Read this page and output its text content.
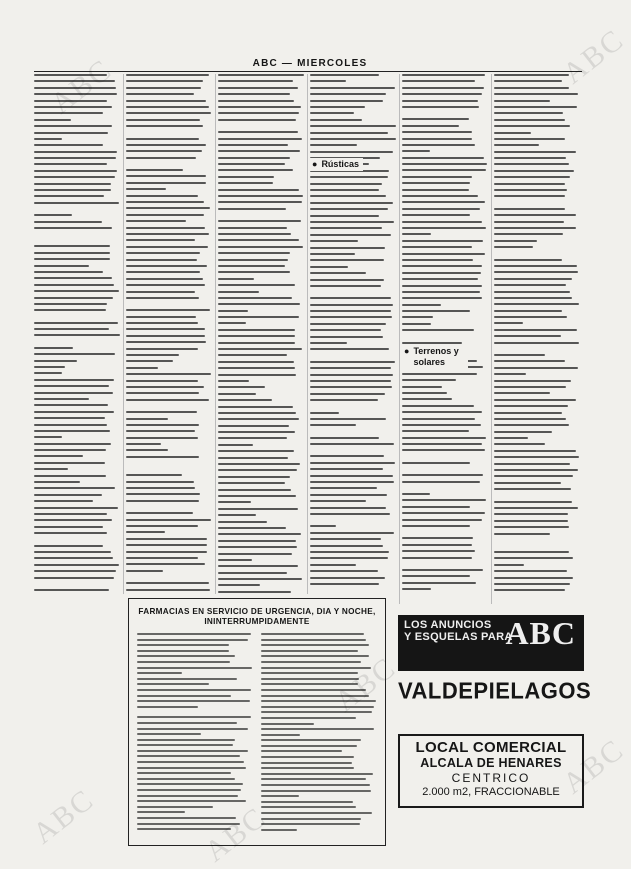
ABC — MIERCOLES
● Rústicas
● Terrenos y solares
FARMACIAS EN SERVICIO DE URGENCIA, DIA Y NOCHE, ININTERRUMPIDAMENTE	LOS ANUNCIOS
Y ESQUELAS PARA
ABC
VALDEPIELAGOS
LOCAL COMERCIAL
ALCALA DE HENARES
CENTRICO
2.000 m2, FRACCIONABLE
ABC	ABC
ABC
ABC
ABC
ABC
